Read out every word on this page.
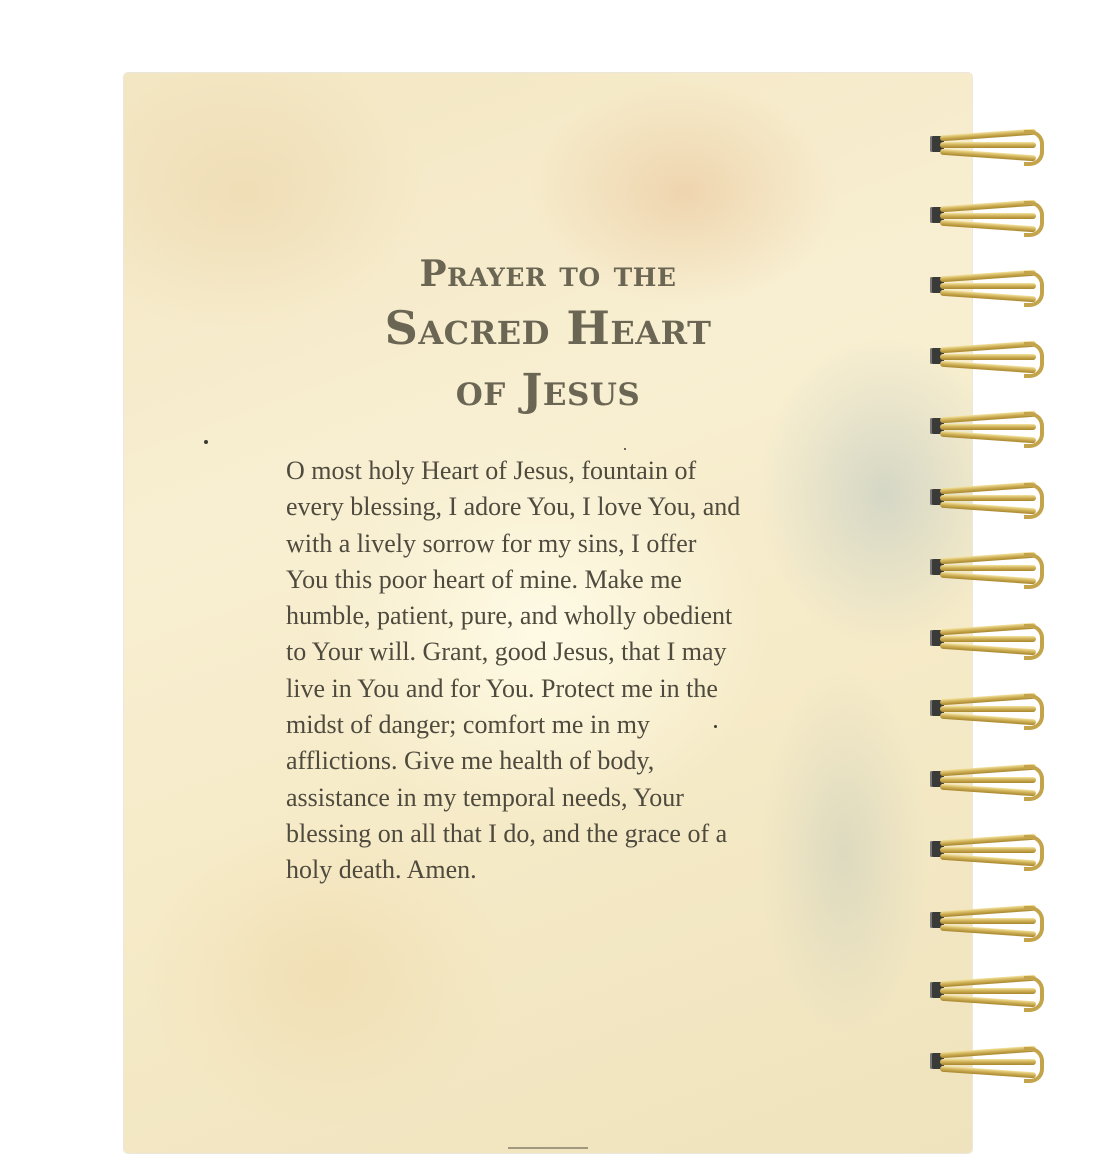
Prayer to the
Sacred Heart
of Jesus

O most holy Heart of Jesus, fountain of
every blessing, I adore You, I love You, and
with a lively sorrow for my sins, I offer
You this poor heart of mine. Make me
humble, patient, pure, and wholly obedient
to Your will. Grant, good Jesus, that I may
live in You and for You. Protect me in the
midst of danger; comfort me in my
afflictions. Give me health of body,
assistance in my temporal needs, Your
blessing on all that I do, and the grace of a
holy death. Amen.
